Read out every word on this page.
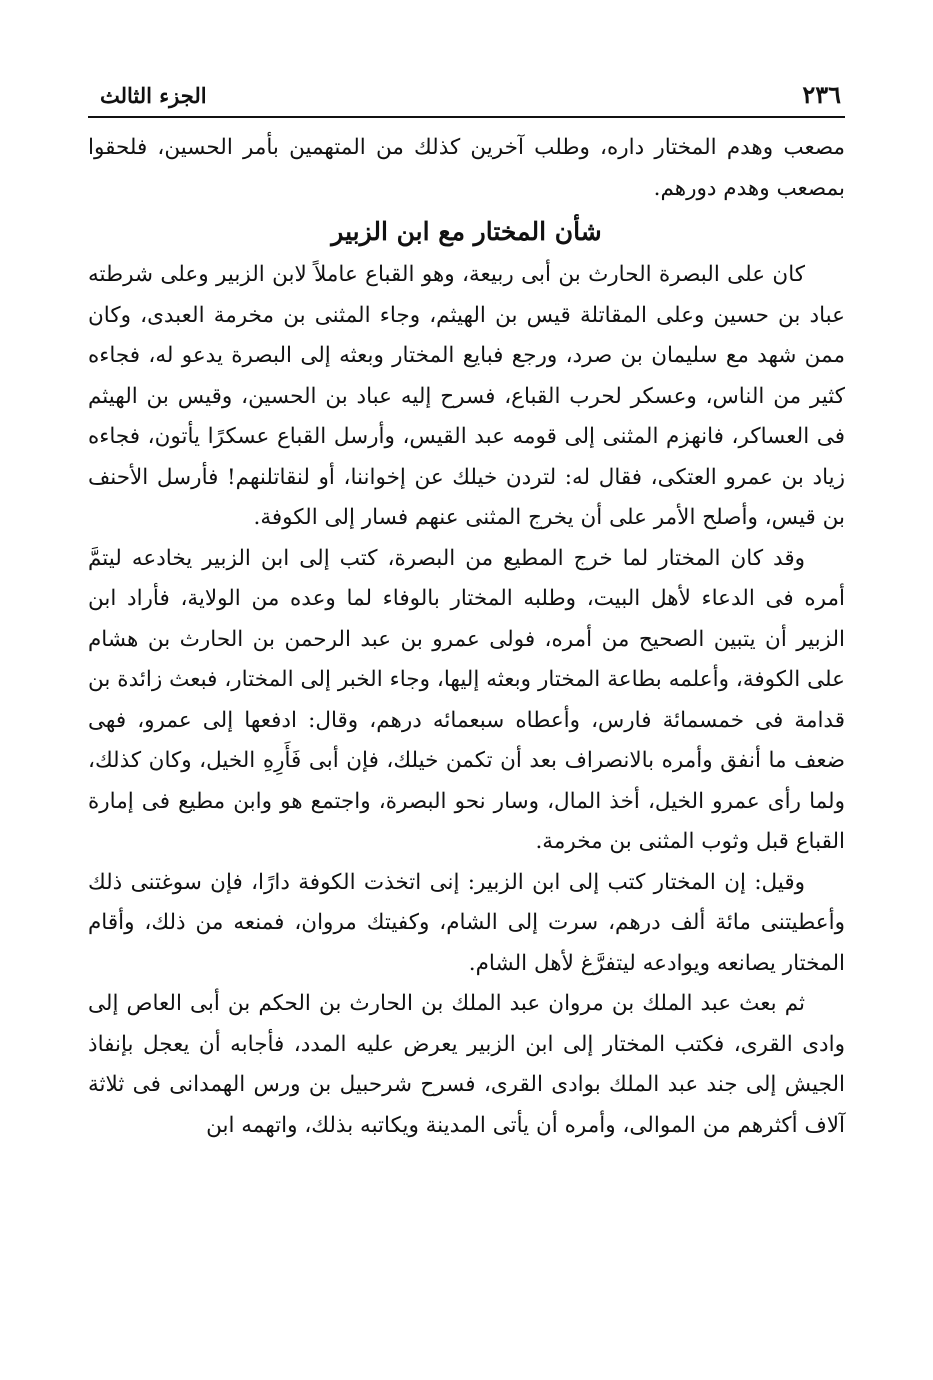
٢٣٦
الجزء الثالث

مصعب وهدم المختار داره، وطلب آخرين كذلك من المتهمين بأمر الحسين، فلحقوا بمصعب وهدم دورهم.

شأن المختار مع ابن الزبير

كان على البصرة الحارث بن أبى ربيعة، وهو القباع عاملاً لابن الزبير وعلى شرطته عباد بن حسين وعلى المقاتلة قيس بن الهيثم، وجاء المثنى بن مخرمة العبدى، وكان ممن شهد مع سليمان بن صرد، ورجع فبايع المختار وبعثه إلى البصرة يدعو له، فجاءه كثير من الناس، وعسكر لحرب القباع، فسرح إليه عباد بن الحسين، وقيس بن الهيثم فى العساكر، فانهزم المثنى إلى قومه عبد القيس، وأرسل القباع عسكرًا يأتون، فجاءه زياد بن عمرو العتكى، فقال له: لتردن خيلك عن إخواننا، أو لنقاتلنهم! فأرسل الأحنف بن قيس، وأصلح الأمر على أن يخرج المثنى عنهم فسار إلى الكوفة.

وقد كان المختار لما خرج المطيع من البصرة، كتب إلى ابن الزبير يخادعه ليتمَّ أمره فى الدعاء لأهل البيت، وطلبه المختار بالوفاء لما وعده من الولاية، فأراد ابن الزبير أن يتبين الصحيح من أمره، فولى عمرو بن عبد الرحمن بن الحارث بن هشام على الكوفة، وأعلمه بطاعة المختار وبعثه إليها، وجاء الخبر إلى المختار، فبعث زائدة بن قدامة فى خمسمائة فارس، وأعطاه سبعمائه درهم، وقال: ادفعها إلى عمرو، فهى ضعف ما أنفق وأمره بالانصراف بعد أن تكمن خيلك، فإن أبى فَأَرِهِ الخيل، وكان كذلك، ولما رأى عمرو الخيل، أخذ المال، وسار نحو البصرة، واجتمع هو وابن مطيع فى إمارة القباع قبل وثوب المثنى بن مخرمة.

وقيل: إن المختار كتب إلى ابن الزبير: إنى اتخذت الكوفة دارًا، فإن سوغتنى ذلك وأعطيتنى مائة ألف درهم، سرت إلى الشام، وكفيتك مروان، فمنعه من ذلك، وأقام المختار يصانعه ويوادعه ليتفرَّغ لأهل الشام.

ثم بعث عبد الملك بن مروان عبد الملك بن الحارث بن الحكم بن أبى العاص إلى وادى القرى، فكتب المختار إلى ابن الزبير يعرض عليه المدد، فأجابه أن يعجل بإنفاذ الجيش إلى جند عبد الملك بوادى القرى، فسرح شرحبيل بن ورس الهمدانى فى ثلاثة آلاف أكثرهم من الموالى، وأمره أن يأتى المدينة ويكاتبه بذلك، واتهمه ابن
